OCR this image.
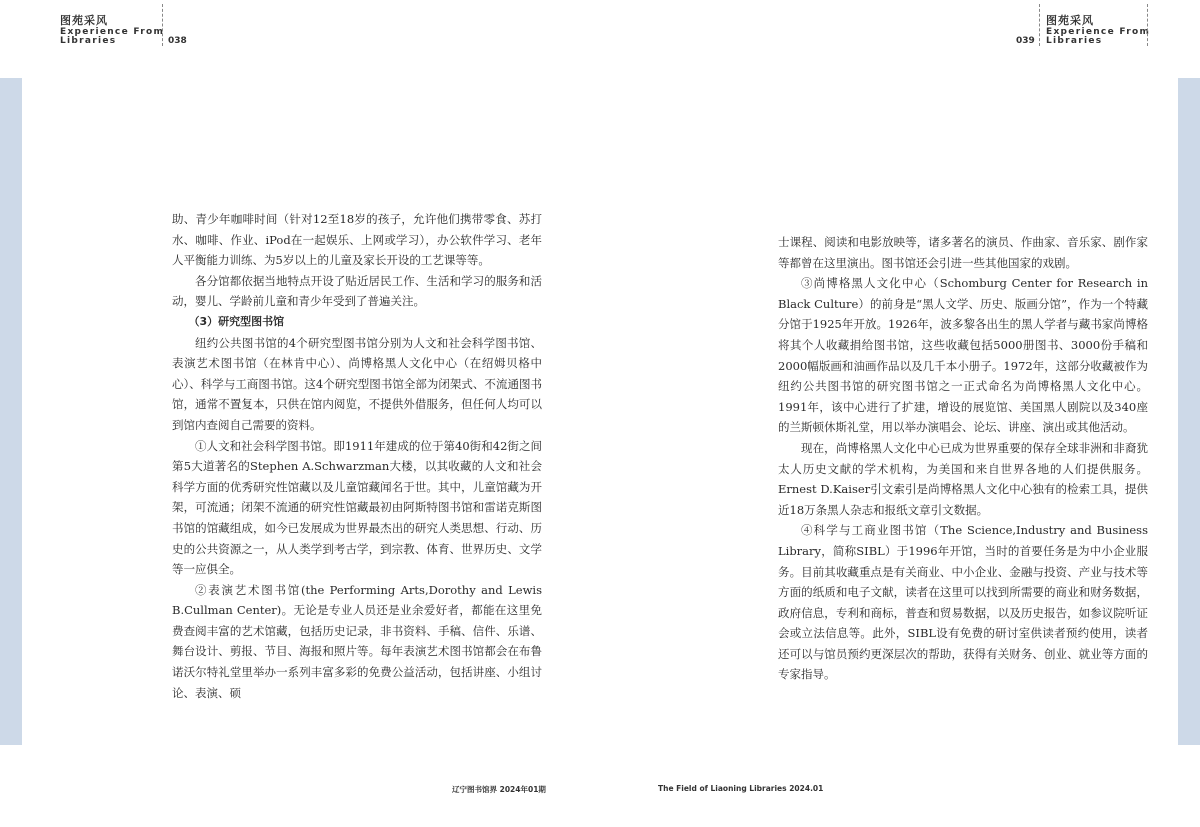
图苑采风
Experience From
Libraries	038	039
图苑采风
Experience From
Libraries

助、青少年咖啡时间（针对12至18岁的孩子，允许他们携带零食、苏打水、咖啡、作业、iPod在一起娱乐、上网或学习），办公软件学习、老年人平衡能力训练、为5岁以上的儿童及家长开设的工艺课等等。

各分馆都依据当地特点开设了贴近居民工作、生活和学习的服务和活动，婴儿、学龄前儿童和青少年受到了普遍关注。

（3）研究型图书馆

纽约公共图书馆的4个研究型图书馆分别为人文和社会科学图书馆、表演艺术图书馆（在林肯中心）、尚博格黑人文化中心（在绍姆贝格中心）、科学与工商图书馆。这4个研究型图书馆全部为闭架式、不流通图书馆，通常不置复本，只供在馆内阅览，不提供外借服务，但任何人均可以到馆内查阅自己需要的资料。

①人文和社会科学图书馆。即1911年建成的位于第40街和42街之间第5大道著名的Stephen A.Schwarzman大楼，以其收藏的人文和社会科学方面的优秀研究性馆藏以及儿童馆藏闻名于世。其中，儿童馆藏为开架，可流通；闭架不流通的研究性馆藏最初由阿斯特图书馆和雷诺克斯图书馆的馆藏组成，如今已发展成为世界最杰出的研究人类思想、行动、历史的公共资源之一，从人类学到考古学，到宗教、体育、世界历史、文学等一应俱全。

②表演艺术图书馆(the Performing Arts,Dorothy and Lewis B.Cullman Center)。无论是专业人员还是业余爱好者，都能在这里免费查阅丰富的艺术馆藏，包括历史记录，非书资料、手稿、信件、乐谱、舞台设计、剪报、节目、海报和照片等。每年表演艺术图书馆都会在布鲁诺沃尔特礼堂里举办一系列丰富多彩的免费公益活动，包括讲座、小组讨论、表演、硕

士课程、阅读和电影放映等，诸多著名的演员、作曲家、音乐家、剧作家等都曾在这里演出。图书馆还会引进一些其他国家的戏剧。

③尚博格黑人文化中心（Schomburg Center for Research in Black Culture）的前身是“黑人文学、历史、版画分馆”，作为一个特藏分馆于1925年开放。1926年，波多黎各出生的黑人学者与藏书家尚博格将其个人收藏捐给图书馆，这些收藏包括5000册图书、3000份手稿和2000幅版画和油画作品以及几千本小册子。1972年，这部分收藏被作为纽约公共图书馆的研究图书馆之一正式命名为尚博格黑人文化中心。1991年，该中心进行了扩建，增设的展览馆、美国黑人剧院以及340座的兰斯顿休斯礼堂，用以举办演唱会、论坛、讲座、演出或其他活动。

现在，尚博格黑人文化中心已成为世界重要的保存全球非洲和非裔犹太人历史文献的学术机构，为美国和来自世界各地的人们提供服务。Ernest D.Kaiser引文索引是尚博格黑人文化中心独有的检索工具，提供近18万条黑人杂志和报纸文章引文数据。

④科学与工商业图书馆（The Science,Industry and Business Library，简称SIBL）于1996年开馆，当时的首要任务是为中小企业服务。目前其收藏重点是有关商业、中小企业、金融与投资、产业与技术等方面的纸质和电子文献，读者在这里可以找到所需要的商业和财务数据，政府信息，专利和商标，普查和贸易数据，以及历史报告，如参议院听证会或立法信息等。此外，SIBL设有免费的研讨室供读者预约使用，读者还可以与馆员预约更深层次的帮助，获得有关财务、创业、就业等方面的专家指导。

辽宁图书馆界 2024年01期	The Field of Liaoning Libraries 2024.01
